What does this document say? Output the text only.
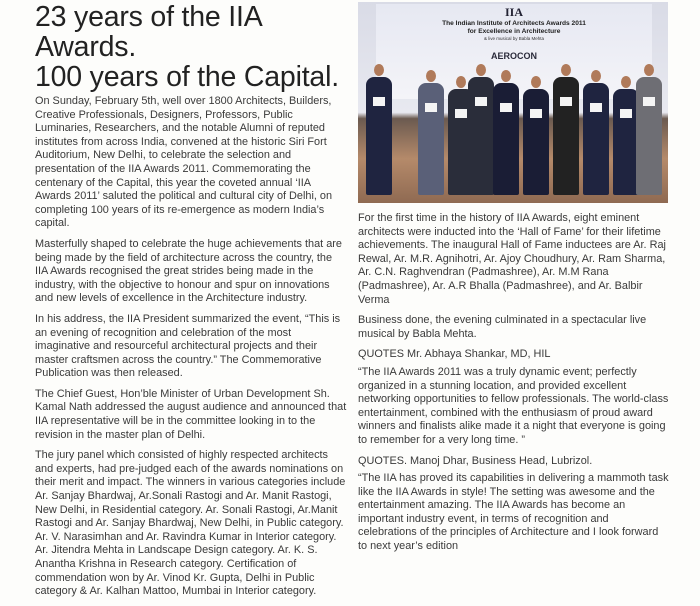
23 years of the IIA Awards.
100 years of the Capital.

On Sunday, February 5th, well over 1800 Architects, Builders, Creative Professionals, Designers, Professors, Public Luminaries, Researchers, and the notable Alumni of reputed institutes from across India, convened at the historic Siri Fort Auditorium, New Delhi, to celebrate the selection and presentation of the IIA Awards 2011. Commemorating the centenary of the Capital, this year the coveted annual ‘IIA Awards 2011’ saluted the political and cultural city of Delhi, on completing 100 years of its re-emergence as modern India’s capital.

Masterfully shaped to celebrate the huge achievements that are being made by the field of architecture across the country, the IIA Awards recognised the great strides being made in the industry, with the objective to honour and spur on innovations and new levels of excellence in the Architecture industry.

In his address, the IIA President summarized the event, “This is an evening of recognition and celebration of the most imaginative and resourceful architectural projects and their master craftsmen across the country.” The Commemorative Publication was then released.

The Chief Guest, Hon’ble Minister of Urban Development Sh. Kamal Nath addressed the august audience and announced that IIA representative will be in the committee looking in to the revision in the master plan of Delhi.

The jury panel which consisted of highly respected architects and experts, had pre-judged each of the awards nominations on their merit and impact. The winners in various categories include Ar. Sanjay Bhardwaj, Ar.Sonali Rastogi and Ar. Manit Rastogi, New Delhi, in Residential category. Ar. Sonali Rastogi, Ar.Manit Rastogi and Ar. Sanjay Bhardwaj, New Delhi, in Public category. Ar. V. Narasimhan and Ar. Ravindra Kumar in Interior category. Ar. Jitendra Mehta in Landscape Design category. Ar. K. S. Anantha Krishna in Research category. Certification of commendation won by Ar. Vinod Kr. Gupta, Delhi in Public category & Ar. Kalhan Mattoo, Mumbai in Interior category.

IIA
The Indian Institute of Architects Awards 2011
for Excellence in Architecture
& live musical by Babla Mehta
AEROCON

For the first time in the history of IIA Awards, eight eminent architects were inducted into the ‘Hall of Fame’ for their lifetime achievements. The inaugural Hall of Fame inductees are Ar. Raj Rewal, Ar. M.R. Agnihotri, Ar. Ajoy Choudhury, Ar. Ram Sharma, Ar. C.N. Raghvendran (Padmashree), Ar. M.M Rana (Padmashree), Ar. A.R Bhalla (Padmashree), and Ar. Balbir Verma

Business done, the evening culminated in a spectacular live musical by Babla Mehta.

QUOTES Mr. Abhaya Shankar, MD, HIL

“The IIA Awards 2011 was a truly dynamic event; perfectly organized in a stunning location, and provided excellent networking opportunities to fellow professionals. The world-class entertainment, combined with the enthusiasm of proud award winners and finalists alike made it a night that everyone is going to remember for a very long time. ”

QUOTES. Manoj Dhar, Business Head, Lubrizol.

“The IIA has proved its capabilities in delivering a mammoth task like the IIA Awards in style! The setting was awesome and the entertainment amazing. The IIA Awards has become an important industry event, in terms of recognition and celebrations of the principles of Architecture and I look forward to next year’s edition
